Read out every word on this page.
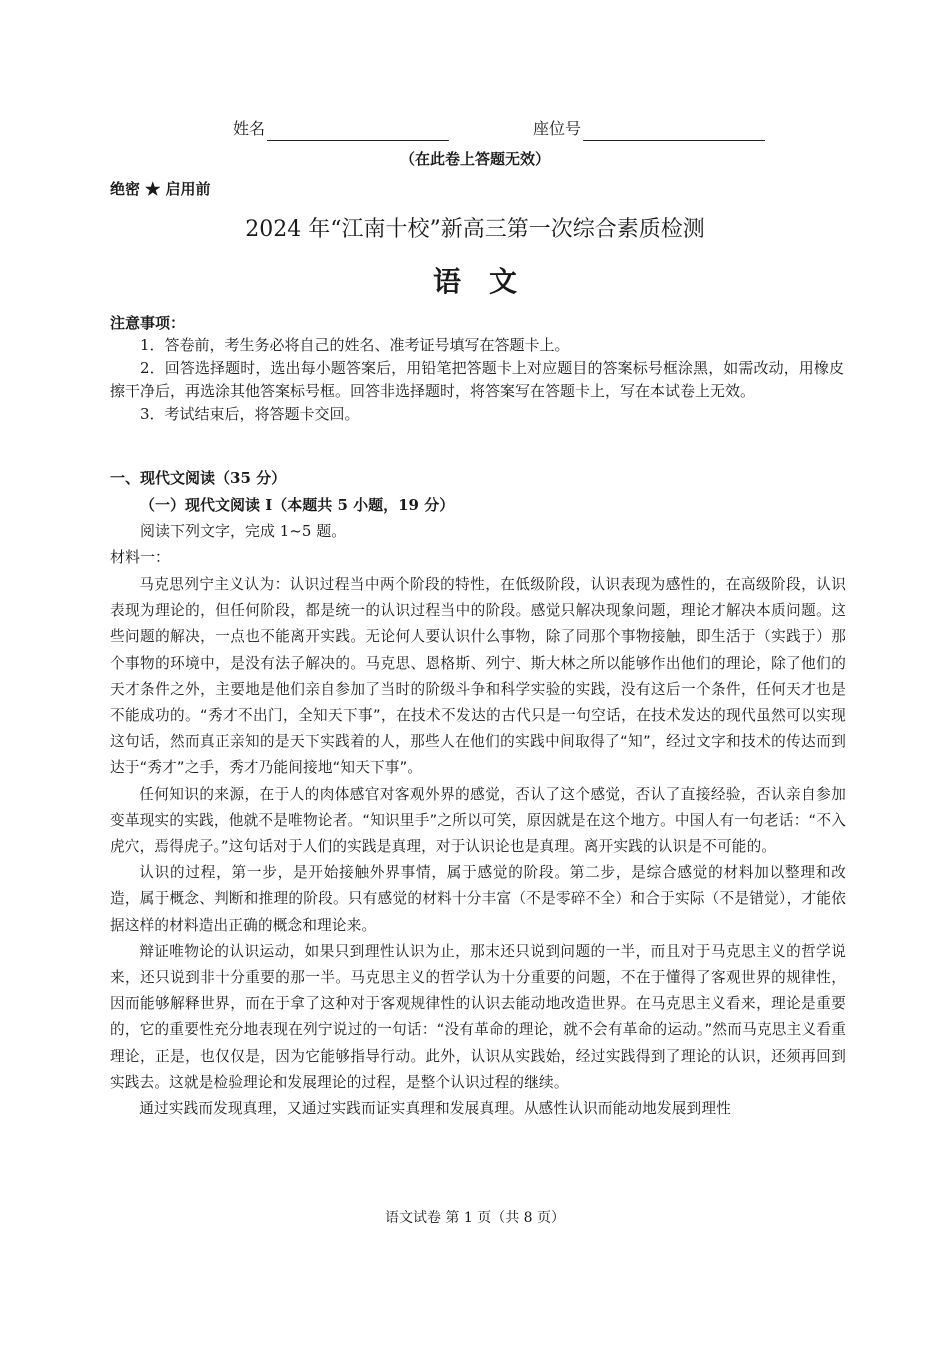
姓名	座位号
（在此卷上答题无效）
绝密 ★ 启用前
2024 年“江南十校”新高三第一次综合素质检测
语文
注意事项：

1．答卷前，考生务必将自己的姓名、准考证号填写在答题卡上。

2．回答选择题时，选出每小题答案后，用铅笔把答题卡上对应题目的答案标号框涂黑，如需改动，用橡皮擦干净后，再选涂其他答案标号框。回答非选择题时，将答案写在答题卡上，写在本试卷上无效。

3．考试结束后，将答题卡交回。

一、现代文阅读（35 分）
（一）现代文阅读 I（本题共 5 小题，19 分）
阅读下列文字，完成 1~5 题。
材料一：

马克思列宁主义认为：认识过程当中两个阶段的特性，在低级阶段，认识表现为感性的，在高级阶段，认识表现为理论的，但任何阶段，都是统一的认识过程当中的阶段。感觉只解决现象问题，理论才解决本质问题。这些问题的解决，一点也不能离开实践。无论何人要认识什么事物，除了同那个事物接触，即生活于（实践于）那个事物的环境中，是没有法子解决的。马克思、恩格斯、列宁、斯大林之所以能够作出他们的理论，除了他们的天才条件之外，主要地是他们亲自参加了当时的阶级斗争和科学实验的实践，没有这后一个条件，任何天才也是不能成功的。“秀才不出门，全知天下事”，在技术不发达的古代只是一句空话，在技术发达的现代虽然可以实现这句话，然而真正亲知的是天下实践着的人，那些人在他们的实践中间取得了“知”，经过文字和技术的传达而到达于“秀才”之手，秀才乃能间接地“知天下事”。

任何知识的来源，在于人的肉体感官对客观外界的感觉，否认了这个感觉，否认了直接经验，否认亲自参加变革现实的实践，他就不是唯物论者。“知识里手”之所以可笑，原因就是在这个地方。中国人有一句老话：“不入虎穴，焉得虎子。”这句话对于人们的实践是真理，对于认识论也是真理。离开实践的认识是不可能的。

认识的过程，第一步，是开始接触外界事情，属于感觉的阶段。第二步，是综合感觉的材料加以整理和改造，属于概念、判断和推理的阶段。只有感觉的材料十分丰富（不是零碎不全）和合于实际（不是错觉），才能依据这样的材料造出正确的概念和理论来。

辩证唯物论的认识运动，如果只到理性认识为止，那末还只说到问题的一半，而且对于马克思主义的哲学说来，还只说到非十分重要的那一半。马克思主义的哲学认为十分重要的问题，不在于懂得了客观世界的规律性，因而能够解释世界，而在于拿了这种对于客观规律性的认识去能动地改造世界。在马克思主义看来，理论是重要的，它的重要性充分地表现在列宁说过的一句话：“没有革命的理论，就不会有革命的运动。”然而马克思主义看重理论，正是，也仅仅是，因为它能够指导行动。此外，认识从实践始，经过实践得到了理论的认识，还须再回到实践去。这就是检验理论和发展理论的过程，是整个认识过程的继续。

通过实践而发现真理，又通过实践而证实真理和发展真理。从感性认识而能动地发展到理性

语文试卷 第 1 页（共 8 页）
